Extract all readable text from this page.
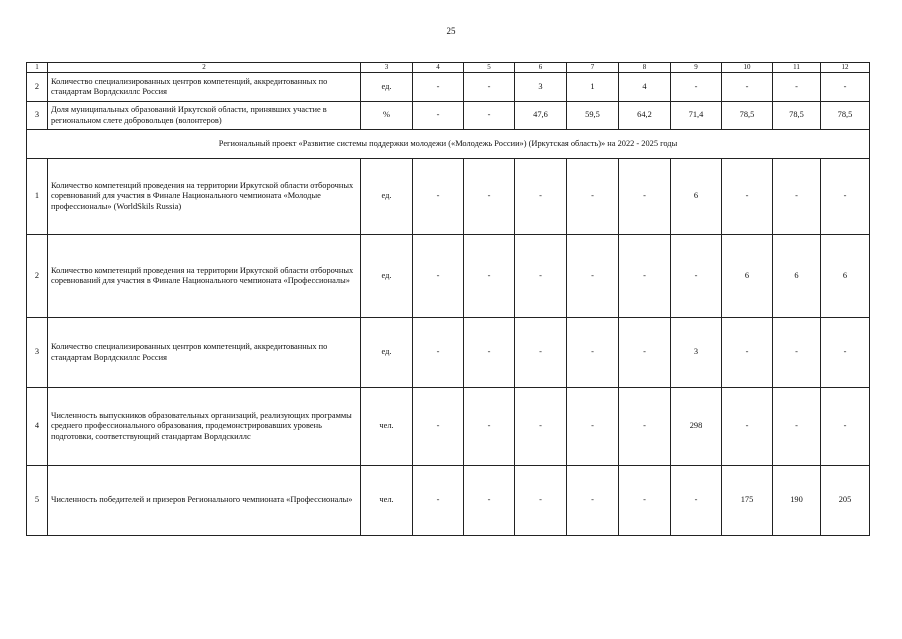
25
1	2	3	4	5	6	7	8	9	10	11	12
2	Количество специализированных центров компетенций, аккредитованных по стандартам Ворлдскиллс Россия	ед.	-	-	3	1	4	-	-	-	-
3	Доля муниципальных образований Иркутской области, принявших участие в региональном слете добровольцев (волонтеров)	%	-	-	47,6	59,5	64,2	71,4	78,5	78,5	78,5
Региональный проект «Развитие системы поддержки молодежи («Молодежь России») (Иркутская область)» на 2022 - 2025 годы											
1	Количество компетенций проведения на территории Иркутской области отборочных соревнований для участия в Финале Национального чемпионата «Молодые профессионалы» (WorldSkils Russia)	ед.	-	-	-	-	-	6	-	-	-
2	Количество компетенций проведения на территории Иркутской области отборочных соревнований для участия в Финале Национального чемпионата «Профессионалы»	ед.	-	-	-	-	-	-	6	6	6
3	Количество специализированных центров компетенций, аккредитованных по стандартам Ворлдскиллс Россия	ед.	-	-	-	-	-	3	-	-	-
4	Численность выпускников образовательных организаций, реализующих программы среднего профессионального образования, продемонстрировавших уровень подготовки, соответствующий стандартам Ворлдскиллс	чел.	-	-	-	-	-	298	-	-	-
5	Численность победителей и призеров Регионального чемпионата «Профессионалы»	чел.	-	-	-	-	-	-	175	190	205
